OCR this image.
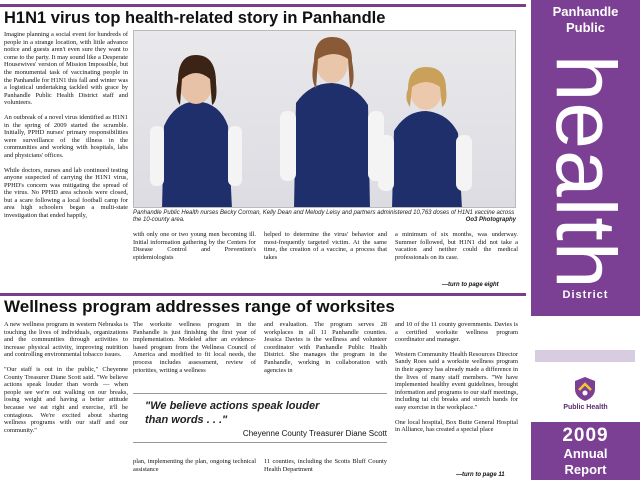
H1N1 virus top health-related story in Panhandle

Imagine planning a social event for hundreds of people in a strange location, with little advance notice and guests aren't even sure they want to come to the party. It may sound like a Desperate Housewives' version of Mission Impossible, but the monumental task of vaccinating people in the Panhandle for H1N1 this fall and winter was a logistical undertaking tackled with grace by Panhandle Public Health District staff and volunteers.

An outbreak of a novel virus identified as H1N1 in the spring of 2009 started the scramble. Initially, PPHD nurses' primary responsibilities were surveillance of the illness in the communities and working with hospitals, labs and physicians' offices.

While doctors, nurses and lab continued testing anyone suspected of carrying the H1N1 virus, PPHD's concern was mitigating the spread of the virus. No PPHD area schools were closed, but a scare following a local football camp for area high schoolers began a multi-state investigation that ended happily,	Panhandle Public Health nurses Becky Corman, Kelly Dean and Melody Leisy and partners administered 10,763 doses of H1N1 vaccine across the 10-county area.	Oo3 Photography
with only one or two young men becoming ill. Initial information gathering by the Centers for Disease Control and Prevention's epidemiologists
helped to determine the virus' behavior and most-frequently targeted victim. At the same time, the creation of a vaccine, a process that takes
a minimum of six months, was underway. Summer followed, but H1N1 did not take a vacation and neither could the medical professionals on its case.
—turn to page eight
Wellness program addresses range of worksites

A new wellness program in western Nebraska is touching the lives of individuals, organizations and the communities through activities to increase physical activity, improving nutrition and controlling environmental tobacco issues.

"Our staff is out in the public," Cheyenne County Treasurer Diane Scott said. "We believe actions speak louder than words — when people see we're out walking on our breaks, losing weight and having a better attitude because we eat right and exercise, it'll be contagious. We're excited about sharing wellness programs with our staff and our community."

The worksite wellness program in the Panhandle is just finishing the first year of implementation. Modeled after an evidence-based program from the Wellness Council of America and modified to fit local needs, the process includes assessment, review of priorities, writing a wellness
and evaluation. The program serves 28 workplaces in all 11 Panhandle counties. Jessica Davies is the wellness and volunteer coordinator with Panhandle Public Health District. She manages the program in the Panhandle, working in collaboration with agencies in
"We believe actions speak louder
than words . . ."
Cheyenne County Treasurer Diane Scott
plan, implementing the plan, ongoing technical assistance
11 counties, including the Scotts Bluff County Health Department

and 10 of the 11 county governments. Davies is a certified worksite wellness program coordinator and manager.

Western Community Health Resources Director Sandy Roes said a worksite wellness program in their agency has already made a difference in the lives of many staff members. "We have implemented healthy event guidelines, brought information and programs to our staff meetings, including tai chi breaks and stretch bands for easy exercise in the workplace."

One local hospital, Box Butte General Hospital in Alliance, has created a special place

—turn to page 11
Panhandle
Public
health
District
Public Health
2009
Annual
Report
